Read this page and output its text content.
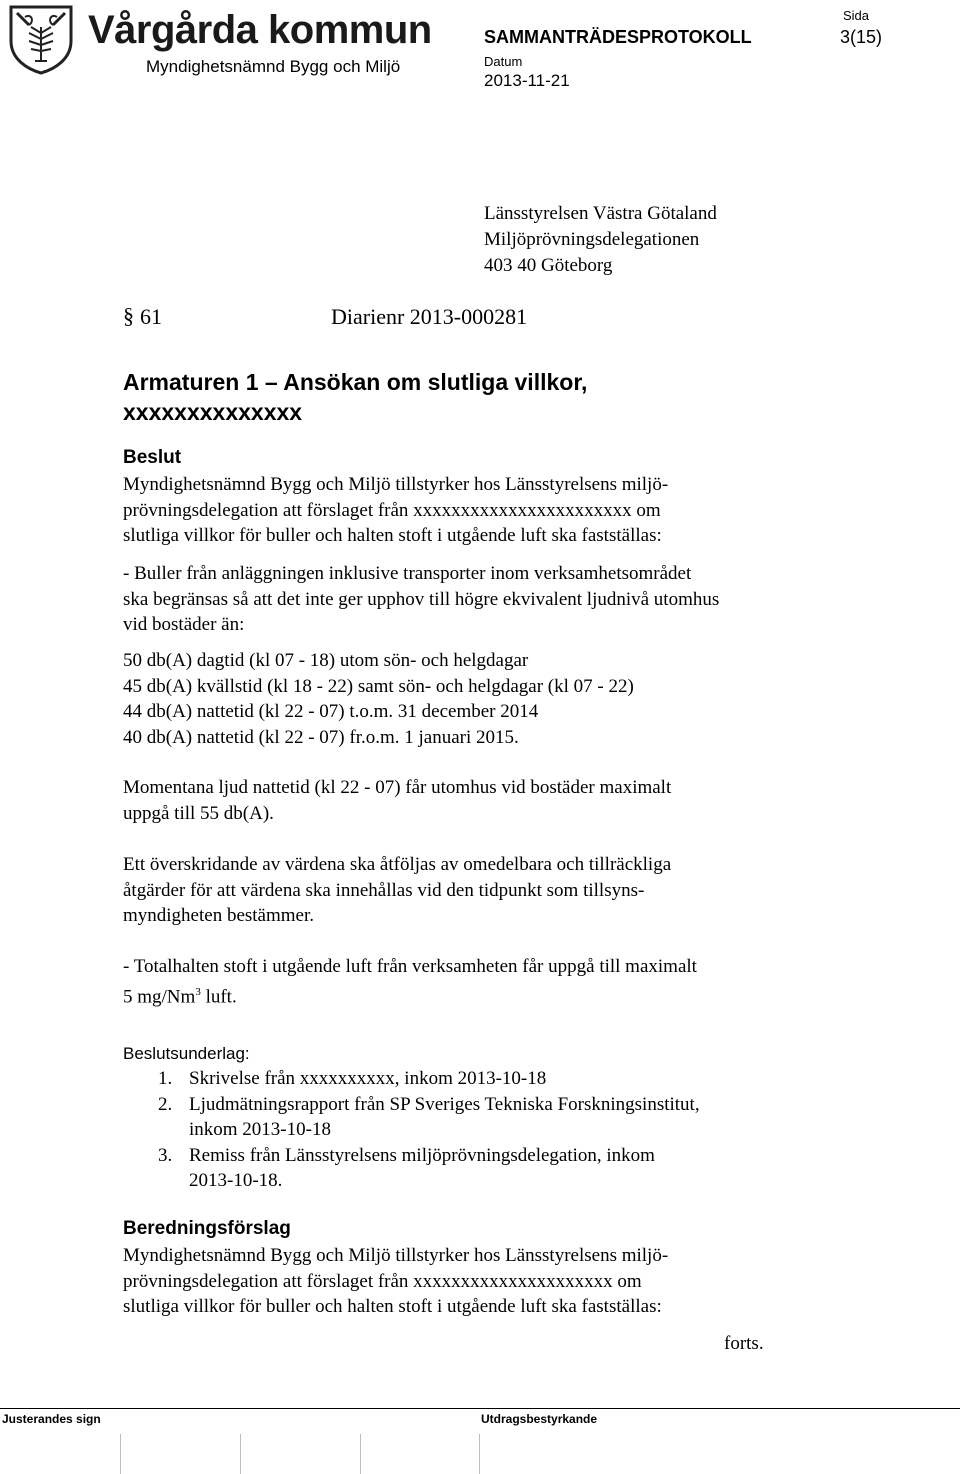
Vårgårda kommun
Myndighetsnämnd Bygg och Miljö
Sida
SAMMANTRÄDESPROTOKOLL	3(15)
Datum
2013-11-21
Länsstyrelsen Västra Götaland
Miljöprövningsdelegationen
403 40 Göteborg
§ 61	Diarienr 2013-000281
Armaturen 1 – Ansökan om slutliga villkor,
xxxxxxxxxxxxxx
Beslut
Myndighetsnämnd Bygg och Miljö tillstyrker hos Länsstyrelsens miljö-
prövningsdelegation att förslaget från xxxxxxxxxxxxxxxxxxxxxxx om
slutliga villkor för buller och halten stoft i utgående luft ska fastställas:
- Buller från anläggningen inklusive transporter inom verksamhetsområdet
ska begränsas så att det inte ger upphov till högre ekvivalent ljudnivå utomhus
vid bostäder än:
50 db(A) dagtid (kl 07 - 18) utom sön- och helgdagar
45 db(A) kvällstid (kl 18 - 22) samt sön- och helgdagar (kl 07 - 22)
44 db(A) nattetid (kl 22 - 07) t.o.m. 31 december 2014
40 db(A) nattetid (kl 22 - 07) fr.o.m. 1 januari 2015.
Momentana ljud nattetid (kl 22 - 07) får utomhus vid bostäder maximalt
uppgå till 55 db(A).
Ett överskridande av värdena ska åtföljas av omedelbara och tillräckliga
åtgärder för att värdena ska innehållas vid den tidpunkt som tillsyns-
myndigheten bestämmer.
- Totalhalten stoft i utgående luft från verksamheten får uppgå till maximalt
5 mg/Nm$^3$ luft.
Beslutsunderlag:
1. Skrivelse från xxxxxxxxxx, inkom 2013-10-18
2. Ljudmätningsrapport från SP Sveriges Tekniska Forskningsinstitut,
inkom 2013-10-18
3. Remiss från Länsstyrelsens miljöprövningsdelegation, inkom
2013-10-18.
Beredningsförslag
Myndighetsnämnd Bygg och Miljö tillstyrker hos Länsstyrelsens miljö-
prövningsdelegation att förslaget från xxxxxxxxxxxxxxxxxxxxx om
slutliga villkor för buller och halten stoft i utgående luft ska fastställas:
forts.
Justerandes sign	Utdragsbestyrkande
